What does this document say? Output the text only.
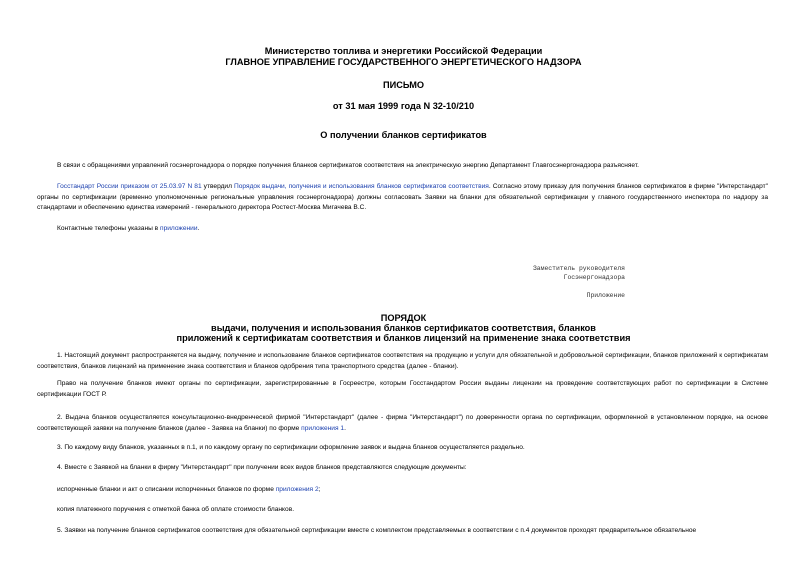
Министерство топлива и энергетики Российской Федерации
ГЛАВНОЕ УПРАВЛЕНИЕ ГОСУДАРСТВЕННОГО ЭНЕРГЕТИЧЕСКОГО НАДЗОРА
ПИСЬМО
от 31 мая 1999 года N 32-10/210
О получении бланков сертификатов
В связи с обращениями управлений госэнергонадзора о порядке получения бланков сертификатов соответствия на электрическую энергию Департамент Главгосэнергонадзора разъясняет.
Госстандарт России приказом от 25.03.97 N 81 утвердил Порядок выдачи, получения и использования бланков сертификатов соответствия. Согласно этому приказу для получения бланков сертификатов в фирме "Интерстандарт" органы по сертификации (временно уполномоченные региональные управления госэнергонадзора) должны согласовать Заявки на бланки для обязательной сертификации у главного государственного инспектора по надзору за стандартами и обеспечению единства измерений - генерального директора Ростест-Москва Мигачева В.С.
Контактные телефоны указаны в приложении.
Заместитель руководителя
Госэнергонадзора
Приложение
ПОРЯДОК
выдачи, получения и использования бланков сертификатов соответствия, бланков
приложений к сертификатам соответствия и бланков лицензий на применение знака соответствия
1. Настоящий документ распространяется на выдачу, получение и использование бланков сертификатов соответствия на продукцию и услуги для обязательной и добровольной сертификации, бланков приложений к сертификатам соответствия, бланков лицензий на применение знака соответствия и бланков одобрения типа транспортного средства (далее - бланки).
Право на получение бланков имеют органы по сертификации, зарегистрированные в Госреестре, которым Госстандартом России выданы лицензии на проведение соответствующих работ по сертификации в Системе сертификации ГОСТ Р.
2. Выдача бланков осуществляется консультационно-внедренческой фирмой "Интерстандарт" (далее - фирма "Интерстандарт") по доверенности органа по сертификации, оформленной в установленном порядке, на основе соответствующей заявки на получение бланков (далее - Заявка на бланки) по форме приложения 1.
3. По каждому виду бланков, указанных в п.1, и по каждому органу по сертификации оформление заявок и выдача бланков осуществляется раздельно.
4. Вместе с Заявкой на бланки в фирму "Интерстандарт" при получении всех видов бланков представляются следующие документы:
испорченные бланки и акт о списании испорченных бланков по форме приложения 2;
копия платежного поручения с отметкой банка об оплате стоимости бланков.
5. Заявки на получение бланков сертификатов соответствия для обязательной сертификации вместе с комплектом представляемых в соответствии с п.4 документов проходят предварительное обязательное
